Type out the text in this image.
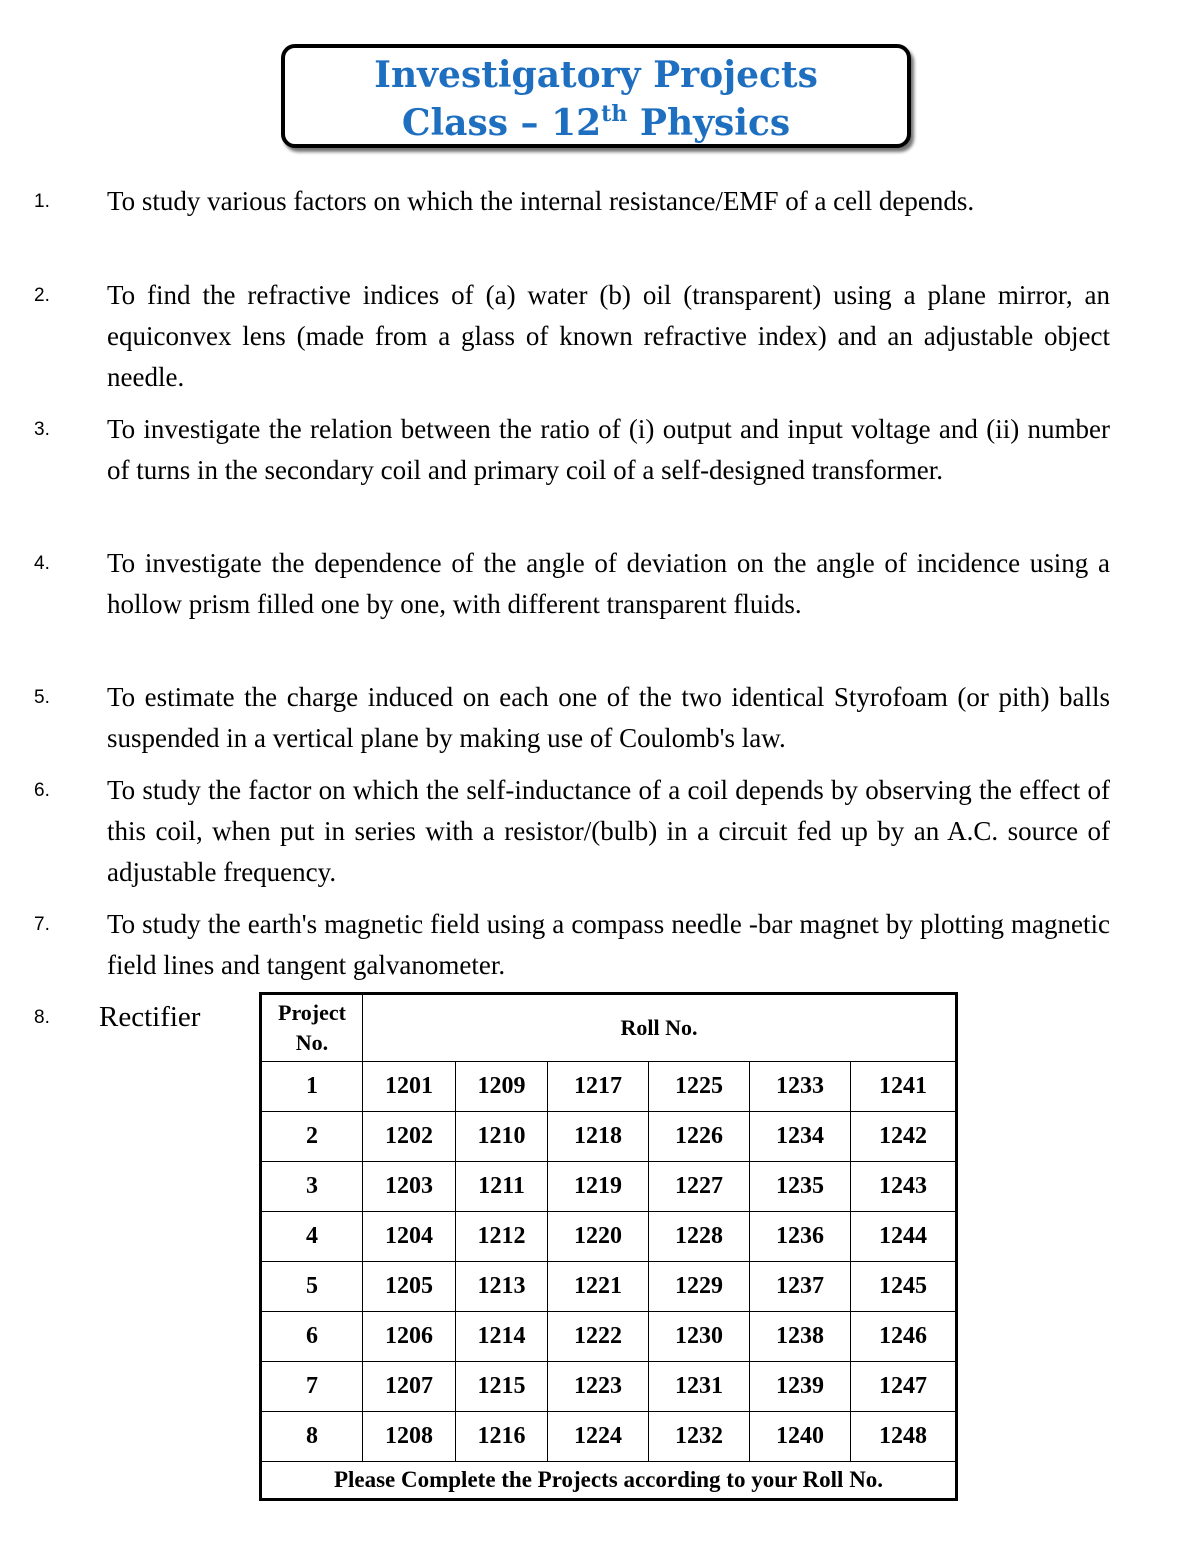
Investigatory Projects
Class – 12th Physics
1. To study various factors on which the internal resistance/EMF of a cell depends.
2. To find the refractive indices of (a) water (b) oil (transparent) using a plane mirror, an equiconvex lens (made from a glass of known refractive index) and an adjustable object needle.
3. To investigate the relation between the ratio of (i) output and input voltage and (ii) number of turns in the secondary coil and primary coil of a self-designed transformer.
4. To investigate the dependence of the angle of deviation on the angle of incidence using a hollow prism filled one by one, with different transparent fluids.
5. To estimate the charge induced on each one of the two identical Styrofoam (or pith) balls suspended in a vertical plane by making use of Coulomb's law.
6. To study the factor on which the self-inductance of a coil depends by observing the effect of this coil, when put in series with a resistor/(bulb) in a circuit fed up by an A.C. source of adjustable frequency.
7. To study the earth's magnetic field using a compass needle -bar magnet by plotting magnetic field lines and tangent galvanometer.
8. Rectifier	Project No.	Roll No.					
1	1201	1209	1217	1225	1233	1241
2	1202	1210	1218	1226	1234	1242
3	1203	1211	1219	1227	1235	1243
4	1204	1212	1220	1228	1236	1244
5	1205	1213	1221	1229	1237	1245
6	1206	1214	1222	1230	1238	1246
7	1207	1215	1223	1231	1239	1247
8	1208	1216	1224	1232	1240	1248
Please Complete the Projects according to your Roll No.						
